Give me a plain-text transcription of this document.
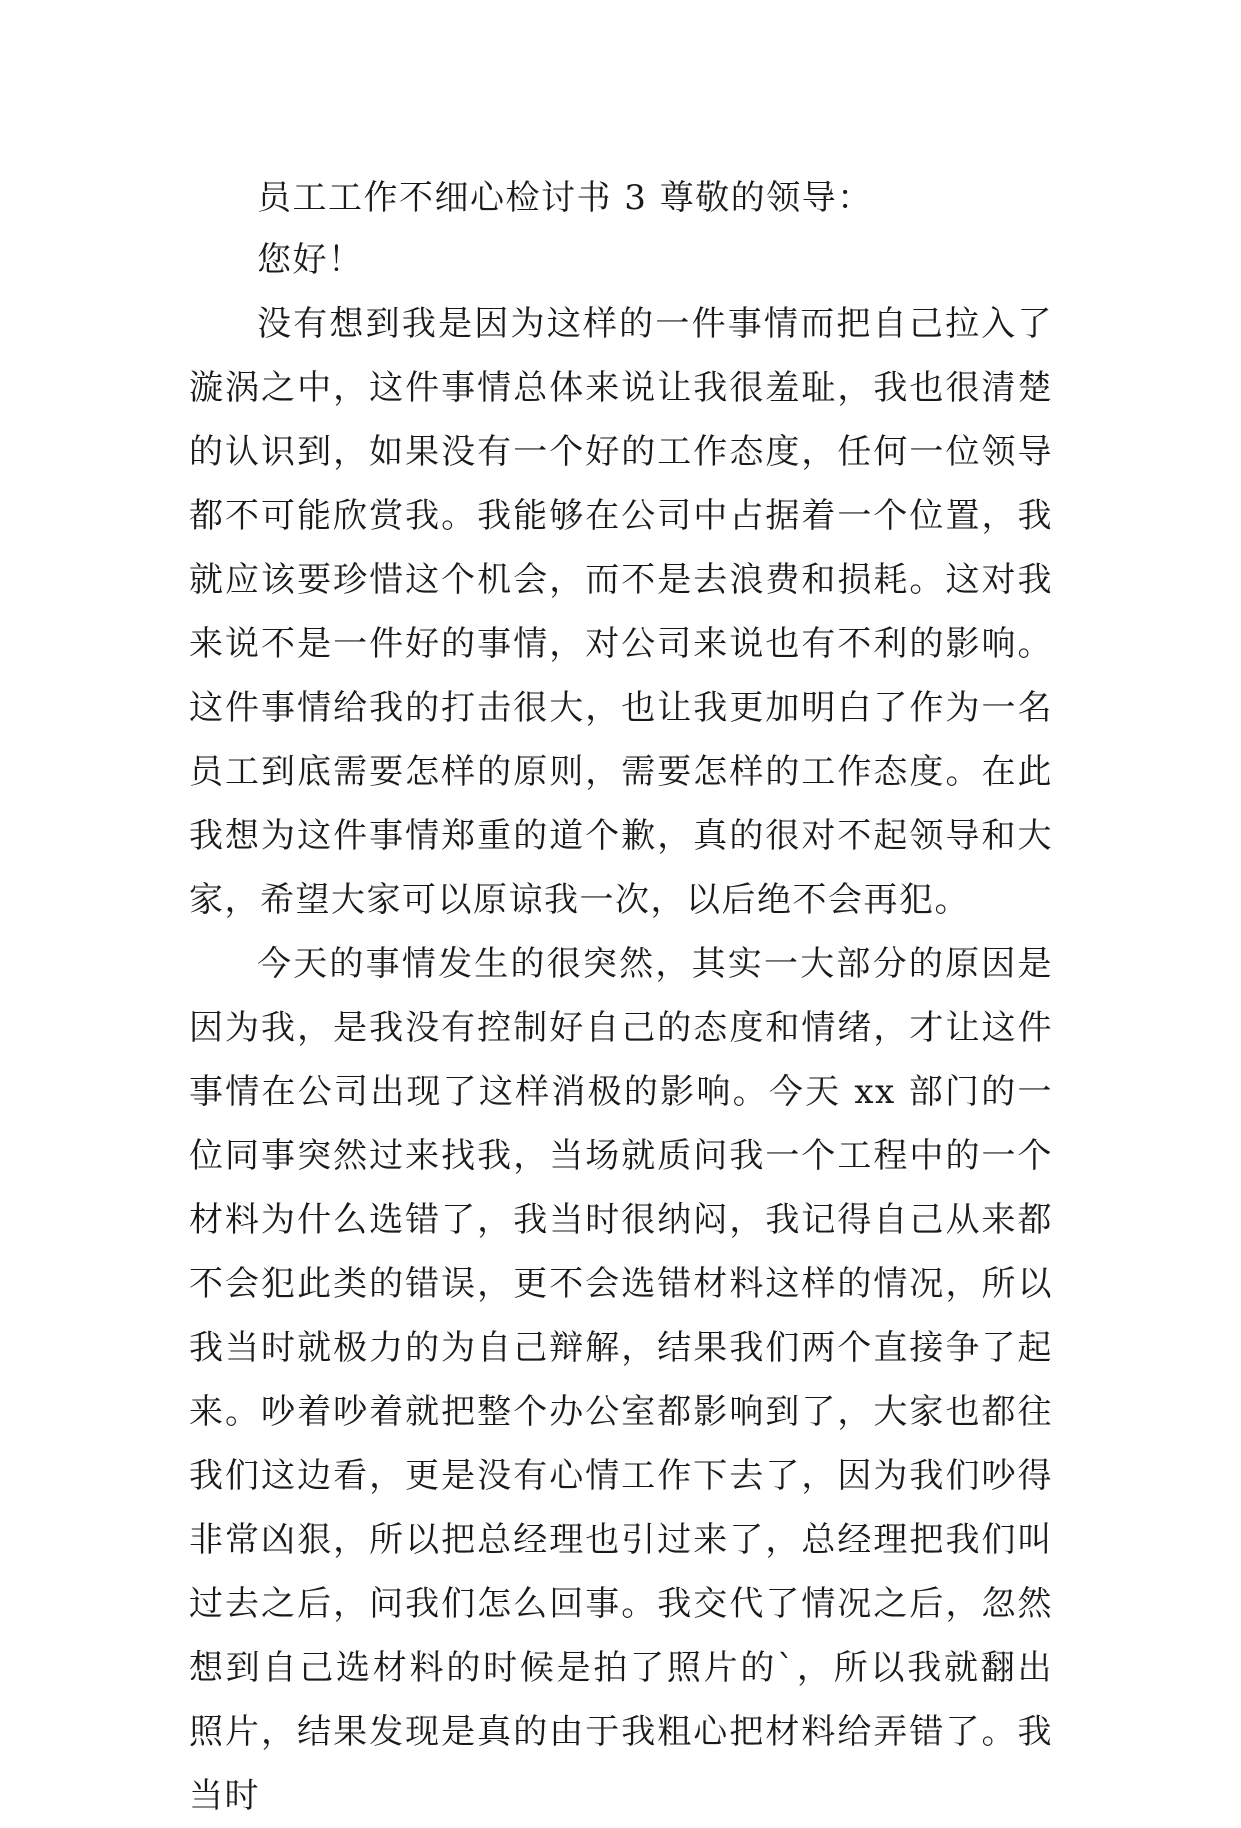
员工工作不细心检讨书 3 尊敬的领导：

您好！

没有想到我是因为这样的一件事情而把自己拉入了漩涡之中，这件事情总体来说让我很羞耻，我也很清楚的认识到，如果没有一个好的工作态度，任何一位领导都不可能欣赏我。我能够在公司中占据着一个位置，我就应该要珍惜这个机会，而不是去浪费和损耗。这对我来说不是一件好的事情，对公司来说也有不利的影响。这件事情给我的打击很大，也让我更加明白了作为一名员工到底需要怎样的原则，需要怎样的工作态度。在此我想为这件事情郑重的道个歉，真的很对不起领导和大家，希望大家可以原谅我一次，以后绝不会再犯。

今天的事情发生的很突然，其实一大部分的原因是因为我，是我没有控制好自己的态度和情绪，才让这件事情在公司出现了这样消极的影响。今天 xx 部门的一位同事突然过来找我，当场就质问我一个工程中的一个材料为什么选错了，我当时很纳闷，我记得自己从来都不会犯此类的错误，更不会选错材料这样的情况，所以我当时就极力的为自己辩解，结果我们两个直接争了起来。吵着吵着就把整个办公室都影响到了，大家也都往我们这边看，更是没有心情工作下去了，因为我们吵得非常凶狠，所以把总经理也引过来了，总经理把我们叫过去之后，问我们怎么回事。我交代了情况之后，忽然想到自己选材料的时候是拍了照片的`，所以我就翻出照片，结果发现是真的由于我粗心把材料给弄错了。我当时
